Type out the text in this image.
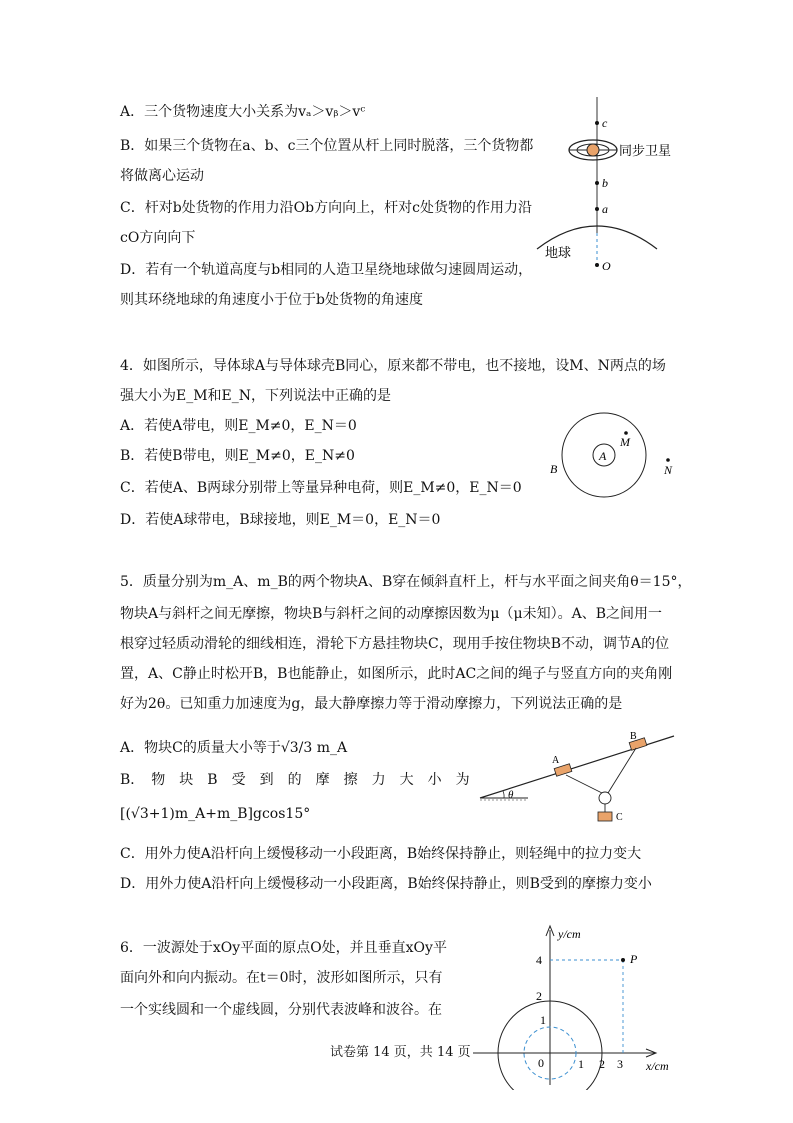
A．三个货物速度大小关系为vₐ＞vᵦ＞vᶜ
B．如果三个货物在a、b、c三个位置从杆上同时脱落，三个货物都
将做离心运动
C．杆对b处货物的作用力沿Ob方向向上，杆对c处货物的作用力沿
cO方向向下
D．若有一个轨道高度与b相同的人造卫星绕地球做匀速圆周运动，
则其环绕地球的角速度小于位于b处货物的角速度
c
同步卫星
b
a
地球
O
4．如图所示，导体球A与导体球壳B同心，原来都不带电，也不接地，设M、N两点的场
强大小为E_M和E_N，下列说法中正确的是
A．若使A带电，则E_M≠0，E_N＝0
B．若使B带电，则E_M≠0，E_N≠0
C．若使A、B两球分别带上等量异种电荷，则E_M≠0，E_N＝0
D．若使A球带电，B球接地，则E_M＝0，E_N＝0
A
M
B	N
5．质量分别为m_A、m_B的两个物块A、B穿在倾斜直杆上，杆与水平面之间夹角θ＝15°，
物块A与斜杆之间无摩擦，物块B与斜杆之间的动摩擦因数为μ（μ未知）。A、B之间用一
根穿过轻质动滑轮的细线相连，滑轮下方悬挂物块C，现用手按住物块B不动，调节A的位
置，A、C静止时松开B，B也能静止，如图所示，此时AC之间的绳子与竖直方向的夹角刚
好为2θ。已知重力加速度为g，最大静摩擦力等于滑动摩擦力，下列说法正确的是
A．物块C的质量大小等于√3/3 m_A
B．　物　块　B　受　到　的　摩　擦　力　大　小　为
[(√3+1)m_A+m_B]gcos15°
C．用外力使A沿杆向上缓慢移动一小段距离，B始终保持静止，则轻绳中的拉力变大
D．用外力使A沿杆向上缓慢移动一小段距离，B始终保持静止，则B受到的摩擦力变小
θ
A
B
C
6．一波源处于xOy平面的原点O处，并且垂直xOy平
面向外和向内振动。在t＝0时，波形如图所示，只有
一个实线圆和一个虚线圆，分别代表波峰和波谷。在
y/cm
x/cm
P
4
2
1
0	1 2 3
试卷第 14 页，共 14 页
